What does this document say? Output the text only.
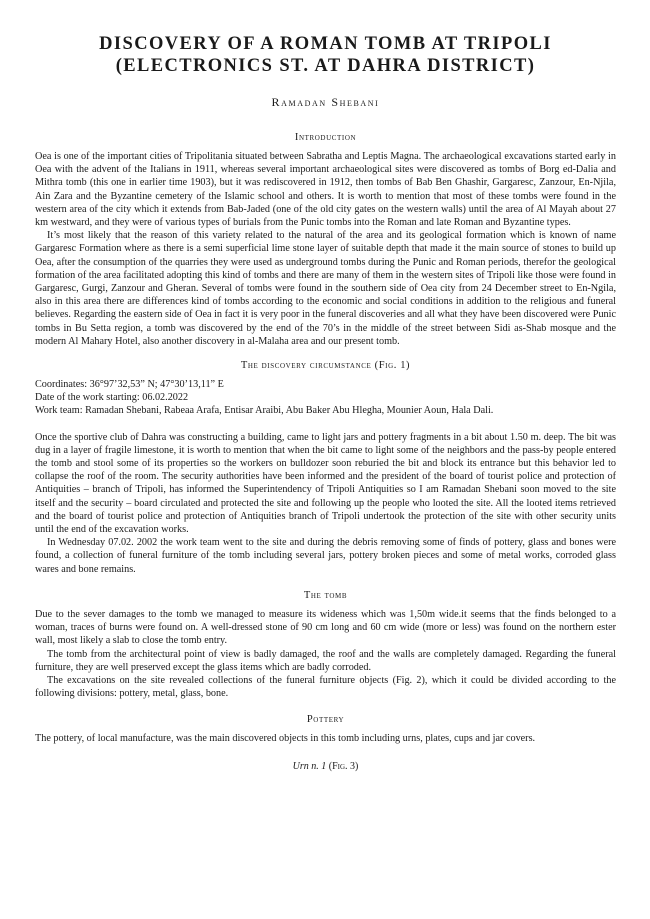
DISCOVERY OF A ROMAN TOMB AT TRIPOLI
(ELECTRONICS ST. AT DAHRA DISTRICT)
Ramadan Shebani
Introduction

Oea is one of the important cities of Tripolitania situated between Sabratha and Leptis Magna. The archaeological excavations started early in Oea with the advent of the Italians in 1911, whereas several important archaeological sites were discovered as tombs of Borg ed-Dalia and Mithra tomb (this one in earlier time 1903), but it was rediscovered in 1912, then tombs of Bab Ben Ghashir, Gargaresc, Zanzour, En-Njila, Ain Zara and the Byzantine cemetery of the Islamic school and others. It is worth to mention that most of these tombs were found in the western area of the city which it extends from Bab-Jaded (one of the old city gates on the western walls) until the area of Al Mayah about 27 km westward, and they were of various types of burials from the Punic tombs into the Roman and late Roman and Byzantine types.

It’s most likely that the reason of this variety related to the natural of the area and its geological formation which is known of name Gargaresc Formation where as there is a semi superficial lime stone layer of suitable depth that made it the main source of stones to build up Oea, after the consumption of the quarries they were used as underground tombs during the Punic and Roman periods, therefor the geological formation of the area facilitated adopting this kind of tombs and there are many of them in the western sites of Tripoli like those were found in Gargaresc, Gurgi, Zanzour and Gheran. Several of tombs were found in the southern side of Oea city from 24 December street to En-Ngila, also in this area there are differences kind of tombs according to the economic and social conditions in addition to the religious and funeral believes. Regarding the eastern side of Oea in fact it is very poor in the funeral discoveries and all what they have been discovered were Punic tombs in Bu Setta region, a tomb was discovered by the end of the 70’s in the middle of the street between Sidi as-Shab mosque and the modern Al Mahary Hotel, also another discovery in al-Malaha area and our present tomb.

The discovery circumstance (Fig. 1)

Coordinates: 36°97’32,53” N; 47°30’13,11” E

Date of the work starting: 06.02.2022

Work team: Ramadan Shebani, Rabeaa Arafa, Entisar Araibi, Abu Baker Abu Hlegha, Mounier Aoun, Hala Dali.

Once the sportive club of Dahra was constructing a building, came to light jars and pottery fragments in a bit about 1.50 m. deep. The bit was dug in a layer of fragile limestone, it is worth to mention that when the bit came to light some of the neighbors and the pass-by people entered the tomb and stool some of its properties so the workers on bulldozer soon reburied the bit and block its entrance but this behavior led to collapse the roof of the room. The security authorities have been informed and the president of the board of tourist police and protection of Antiquities – branch of Tripoli, has informed the Superintendency of Tripoli Antiquities so I am Ramadan Shebani soon moved to the site itself and the security – board circulated and protected the site and following up the people who looted the site. All the looted items retrieved and the board of tourist police and protection of Antiquities branch of Tripoli undertook the protection of the site with other security units until the end of the excavation works.

In Wednesday 07.02. 2002 the work team went to the site and during the debris removing some of finds of pottery, glass and bones were found, a collection of funeral furniture of the tomb including several jars, pottery broken pieces and some of metal works, corroded glass wares and bone remains.

The tomb

Due to the sever damages to the tomb we managed to measure its wideness which was 1,50m wide.it seems that the finds belonged to a woman, traces of burns were found on. A well-dressed stone of 90 cm long and 60 cm wide (more or less) was found on the northern ester wall, most likely a slab to close the tomb entry.

The tomb from the architectural point of view is badly damaged, the roof and the walls are completely damaged. Regarding the funeral furniture, they are well preserved except the glass items which are badly corroded.

The excavations on the site revealed collections of the funeral furniture objects (Fig. 2), which it could be divided according to the following divisions: pottery, metal, glass, bone.

Pottery

The pottery, of local manufacture, was the main discovered objects in this tomb including urns, plates, cups and jar covers.

Urn n. 1 (Fig. 3)
